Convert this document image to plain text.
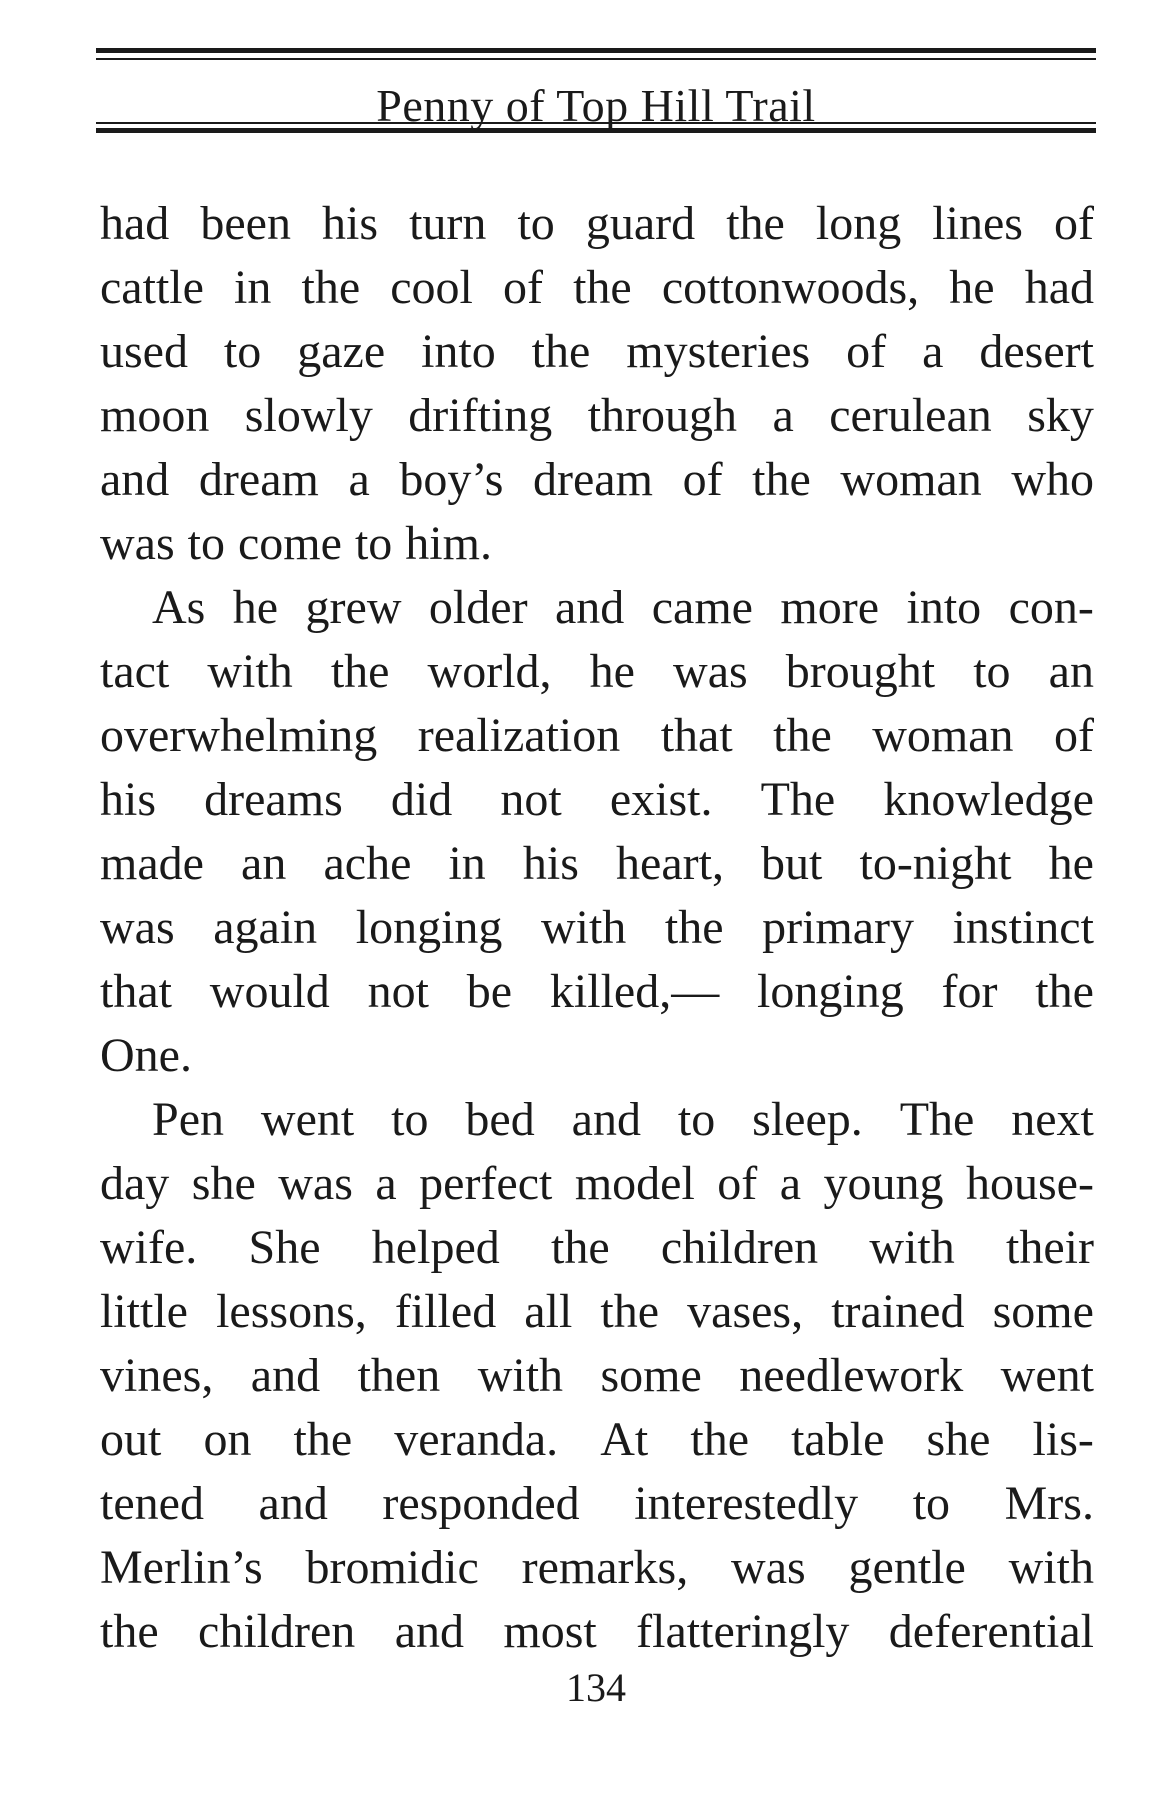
Penny of Top Hill Trail
had been his turn to guard the long lines of
cattle in the cool of the cottonwoods, he had
used to gaze into the mysteries of a desert
moon slowly drifting through a cerulean sky
and dream a boy’s dream of the woman who
was to come to him.
As he grew older and came more into con-
tact with the world, he was brought to an
overwhelming realization that the woman of
his dreams did not exist. The knowledge
made an ache in his heart, but to-night he
was again longing with the primary instinct
that would not be killed,— longing for the
One.
Pen went to bed and to sleep. The next
day she was a perfect model of a young house-
wife. She helped the children with their
little lessons, filled all the vases, trained some
vines, and then with some needlework went
out on the veranda. At the table she lis-
tened and responded interestedly to Mrs.
Merlin’s bromidic remarks, was gentle with
the children and most flatteringly deferential
134
